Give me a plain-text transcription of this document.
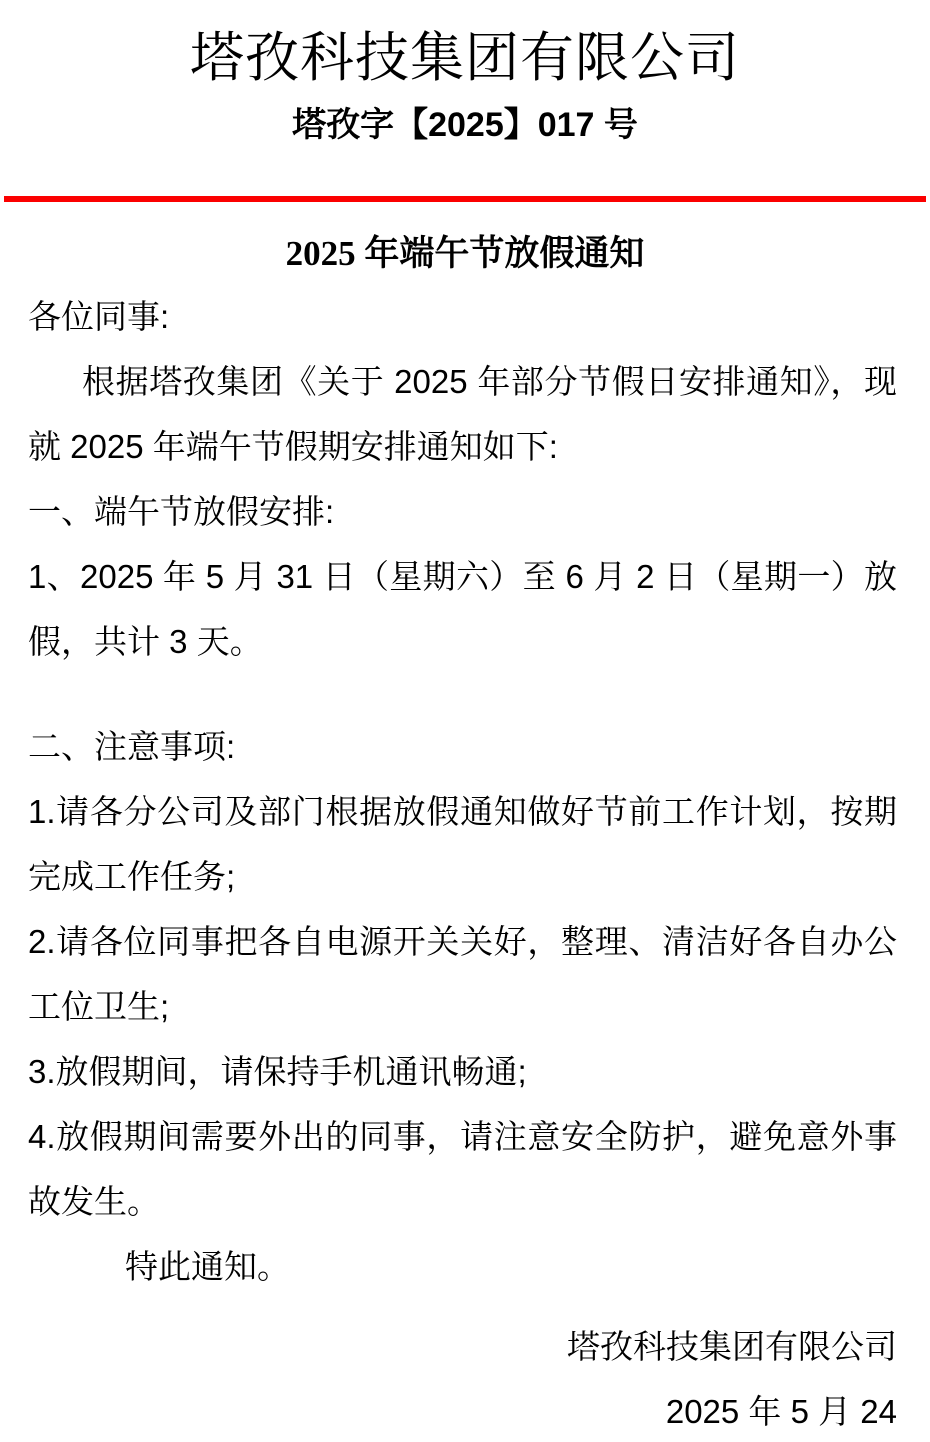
塔孜科技集团有限公司
塔孜字【2025】017 号
2025 年端午节放假通知

各位同事:

根据塔孜集团《关于 2025 年部分节假日安排通知》，现就 2025 年端午节假期安排通知如下:

一、端午节放假安排:

1、2025 年 5 月 31 日（星期六）至 6 月 2 日（星期一）放假，共计 3 天。

二、注意事项:

1.请各分公司及部门根据放假通知做好节前工作计划，按期完成工作任务;

2.请各位同事把各自电源开关关好，整理、清洁好各自办公工位卫生;

3.放假期间，请保持手机通讯畅通;

4.放假期间需要外出的同事，请注意安全防护，避免意外事故发生。

特此通知。

塔孜科技集团有限公司

2025 年 5 月 24
